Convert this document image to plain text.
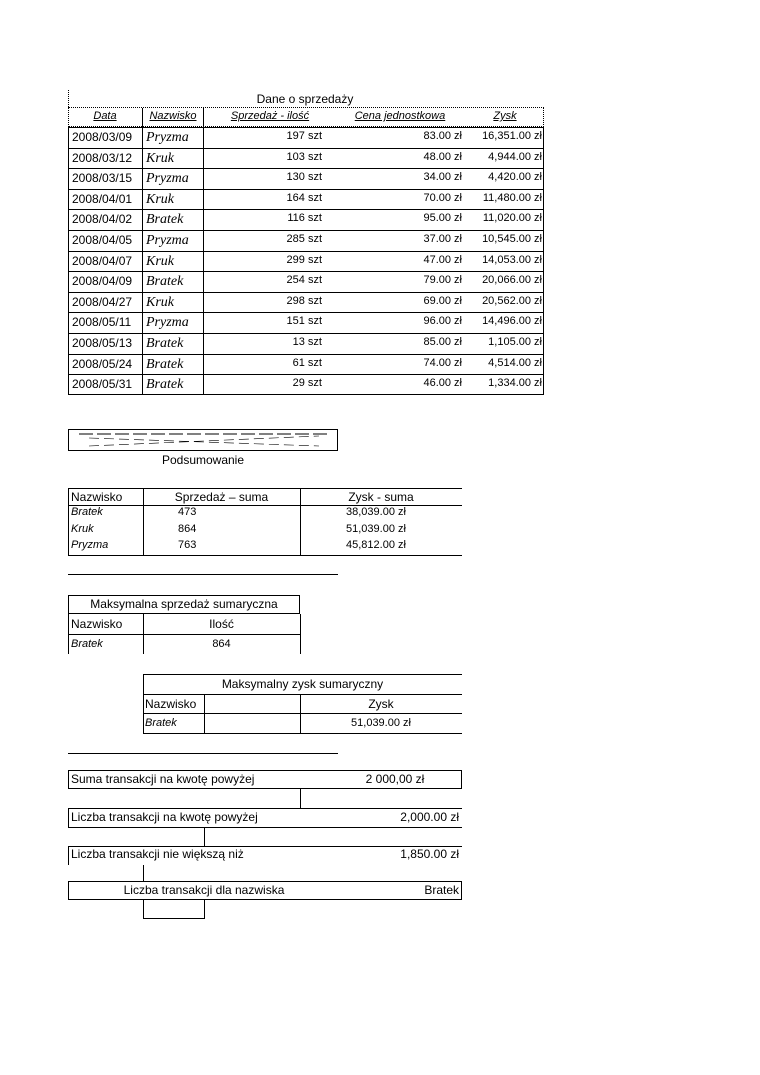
Dane o sprzedaży
Data	Nazwisko	Sprzedaż - ilość	Cena jednostkowa	Zysk
2008/03/09 Pryzma	197 szt	83.00 zł	16,351.00 zł
2008/03/12 Kruk	103 szt	48.00 zł	4,944.00 zł
2008/03/15 Pryzma	130 szt	34.00 zł	4,420.00 zł
2008/04/01 Kruk	164 szt	70.00 zł	11,480.00 zł
2008/04/02 Bratek	116 szt	95.00 zł	11,020.00 zł
2008/04/05 Pryzma	285 szt	37.00 zł	10,545.00 zł
2008/04/07 Kruk	299 szt	47.00 zł	14,053.00 zł
2008/04/09 Bratek	254 szt	79.00 zł	20,066.00 zł
2008/04/27 Kruk	298 szt	69.00 zł	20,562.00 zł
2008/05/11	Pryzma	151 szt	96.00 zł	14,496.00 zł
2008/05/13 Bratek	13 szt	85.00 zł	1,105.00 zł
2008/05/24 Bratek	61 szt	74.00 zł	4,514.00 zł
2008/05/31 Bratek	29 szt	46.00 zł	1,334.00 zł
Podsumowanie
Nazwisko	Sprzedaż – suma	Zysk - suma
Bratek	473	38,039.00 zł
Kruk	864	51,039.00 zł
Pryzma	763	45,812.00 zł
Maksymalna sprzedaż sumaryczna
Nazwisko	Ilość
Bratek	864
Maksymalny zysk sumaryczny
Nazwisko	Zysk
Bratek	51,039.00 zł
Suma transakcji na kwotę powyżej	2 000,00 zł
Liczba transakcji na kwotę powyżej	2,000.00 zł
Liczba transakcji nie większą niż	1,850.00 zł
Liczba transakcji dla nazwiska	Bratek
